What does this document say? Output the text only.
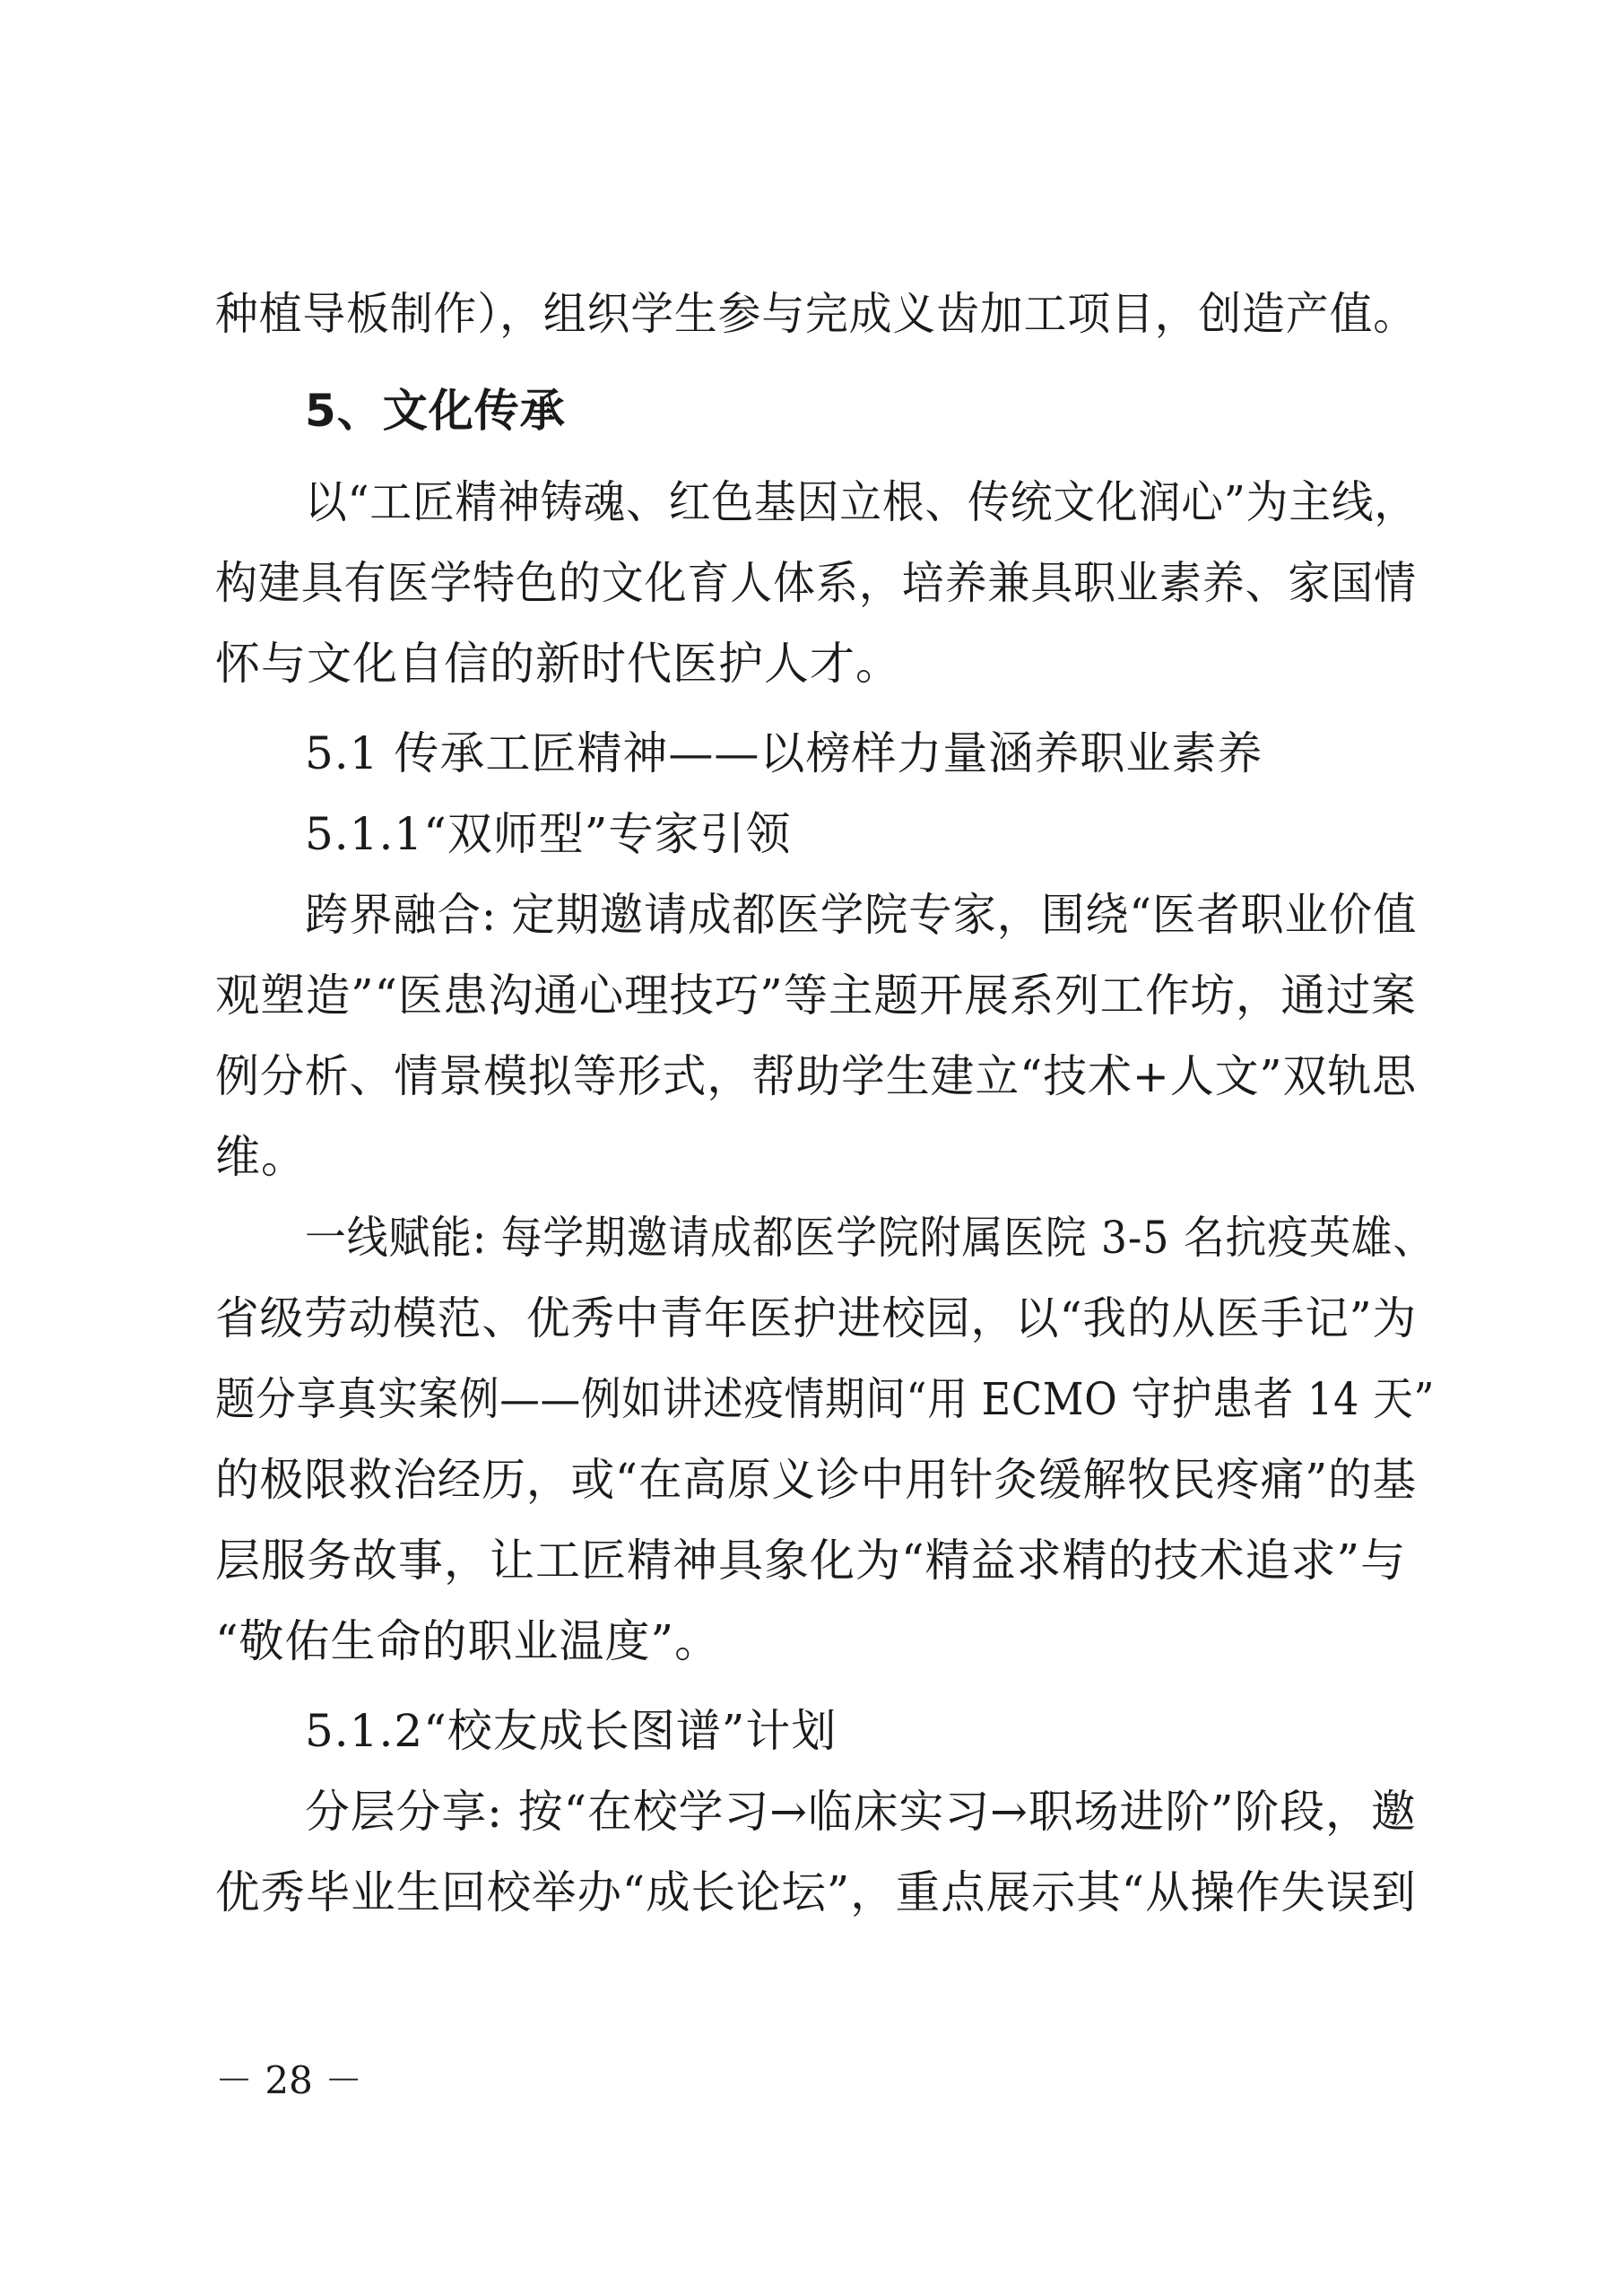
种植导板制作），组织学生参与完成义齿加工项目，创造产值。
5、文化传承
以“工匠精神铸魂、红色基因立根、传统文化润心”为主线，
构建具有医学特色的文化育人体系，培养兼具职业素养、家国情
怀与文化自信的新时代医护人才。
5.1 传承工匠精神——以榜样力量涵养职业素养
5.1.1“双师型”专家引领
跨界融合: 定期邀请成都医学院专家，围绕“医者职业价值
观塑造”“医患沟通心理技巧”等主题开展系列工作坊，通过案
例分析、情景模拟等形式，帮助学生建立“技术+人文”双轨思
维。
一线赋能: 每学期邀请成都医学院附属医院 3-5 名抗疫英雄、
省级劳动模范、优秀中青年医护进校园，以“我的从医手记”为
题分享真实案例——例如讲述疫情期间“用 ECMO 守护患者 14 天”
的极限救治经历，或“在高原义诊中用针灸缓解牧民疼痛”的基
层服务故事，让工匠精神具象化为“精益求精的技术追求”与
“敬佑生命的职业温度”。
5.1.2“校友成长图谱”计划
分层分享: 按“在校学习→临床实习→职场进阶”阶段，邀
优秀毕业生回校举办“成长论坛”，重点展示其“从操作失误到
－ 28 －
